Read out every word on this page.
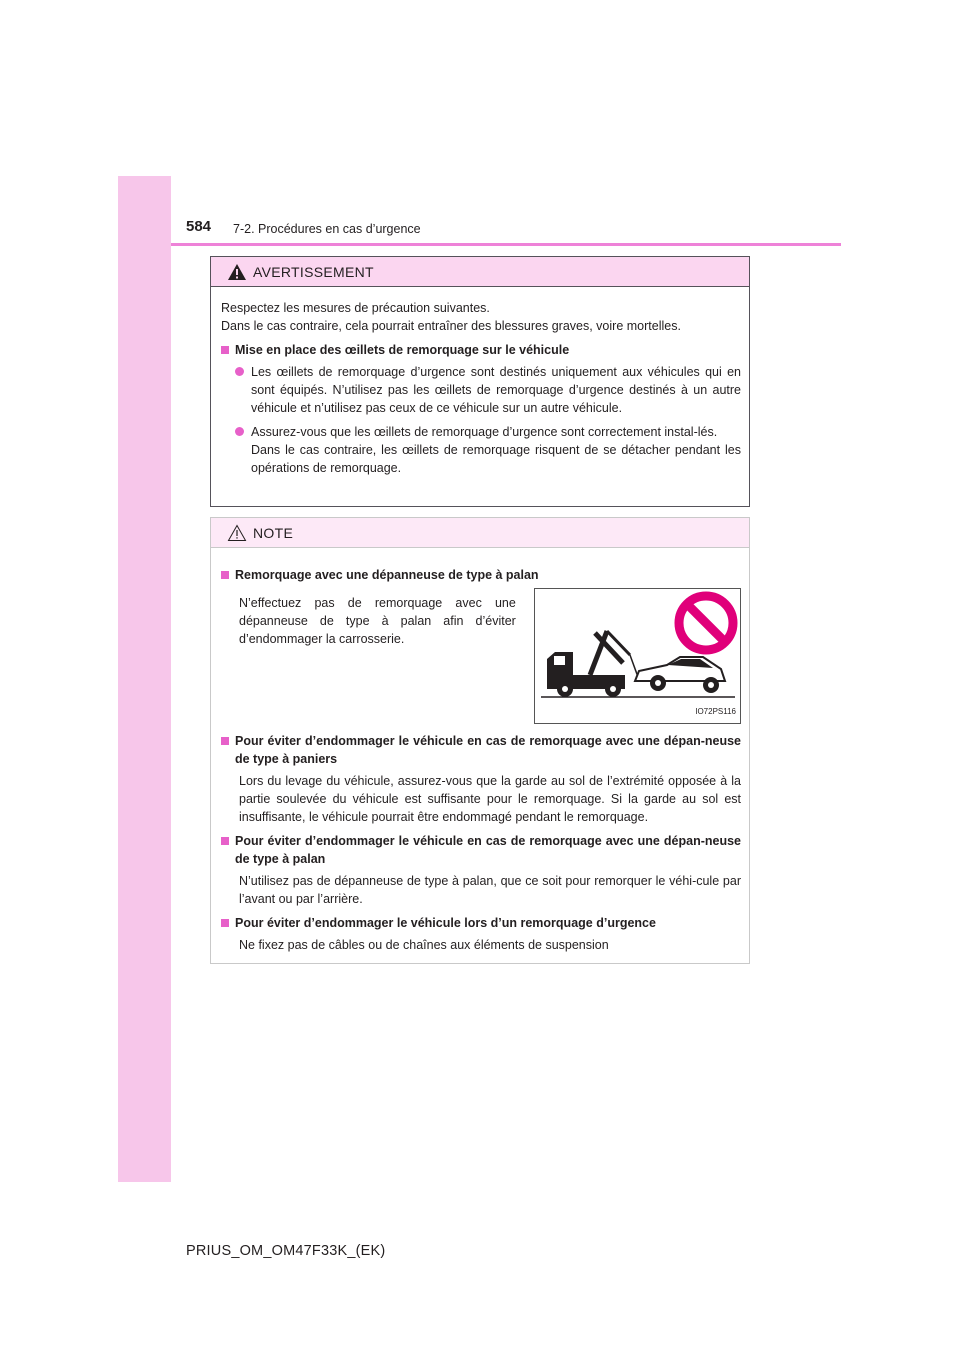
584 7-2. Procédures en cas d’urgence
AVERTISSEMENT

Respectez les mesures de précaution suivantes.

Dans le cas contraire, cela pourrait entraîner des blessures graves, voire mortelles.

Mise en place des œillets de remorquage sur le véhicule
Les œillets de remorquage d’urgence sont destinés uniquement aux véhicules qui en sont équipés. N’utilisez pas les œillets de remorquage d’urgence destinés à un autre véhicule et n’utilisez pas ceux de ce véhicule sur un autre véhicule.
Assurez-vous que les œillets de remorquage d’urgence sont correctement instal-lés.
Dans le cas contraire, les œillets de remorquage risquent de se détacher pendant les opérations de remorquage.
NOTE
Remorquage avec une dépanneuse de type à palan
N’effectuez pas de remorquage avec une dépanneuse de type à palan afin d’éviter d’endommager la carrosserie.
IO72PS116
Pour éviter d’endommager le véhicule en cas de remorquage avec une dépan-neuse de type à paniers
Lors du levage du véhicule, assurez-vous que la garde au sol de l’extrémité opposée à la partie soulevée du véhicule est suffisante pour le remorquage. Si la garde au sol est insuffisante, le véhicule pourrait être endommagé pendant le remorquage.
Pour éviter d’endommager le véhicule en cas de remorquage avec une dépan-neuse de type à palan
N’utilisez pas de dépanneuse de type à palan, que ce soit pour remorquer le véhi-cule par l’avant ou par l’arrière.
Pour éviter d’endommager le véhicule lors d’un remorquage d’urgence
Ne fixez pas de câbles ou de chaînes aux éléments de suspension
PRIUS_OM_OM47F33K_(EK)
